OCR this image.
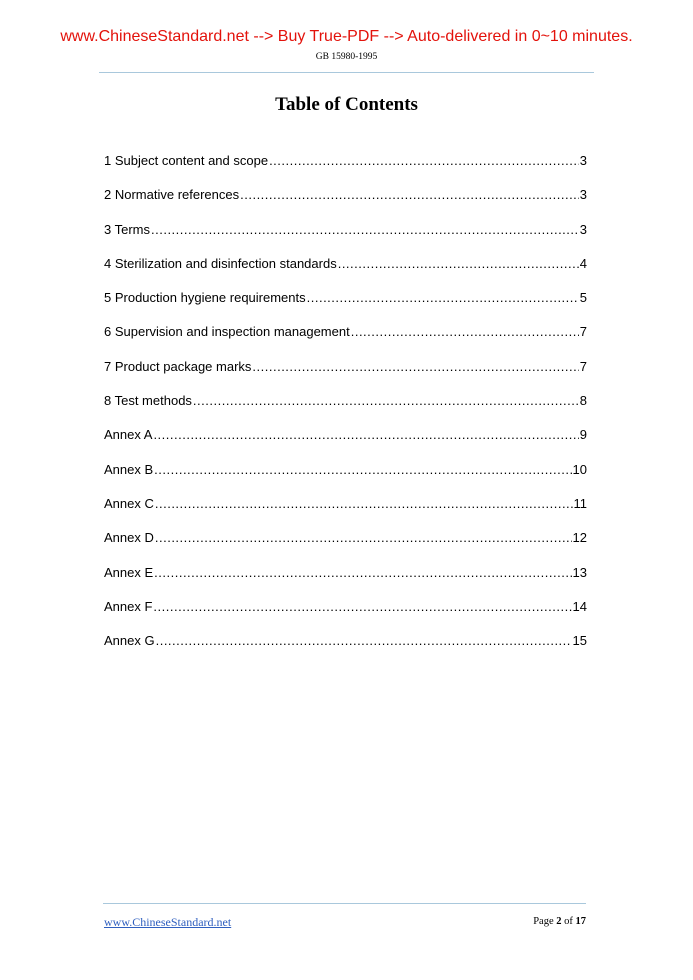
www.ChineseStandard.net --> Buy True-PDF --> Auto-delivered in 0~10 minutes.
GB 15980-1995
Table of Contents
1 Subject content and scope .....	3
2 Normative references .....	3
3 Terms .....	3
4 Sterilization and disinfection standards .....	4
5 Production hygiene requirements .....	5
6 Supervision and inspection management .....	7
7 Product package marks .....	7
8 Test methods .....	8
Annex A .....	9
Annex B .....	10
Annex C .....	11
Annex D .....	12
Annex E .....	13
Annex F .....	14
Annex G .....	15
www.ChineseStandard.net	Page 2 of 17
